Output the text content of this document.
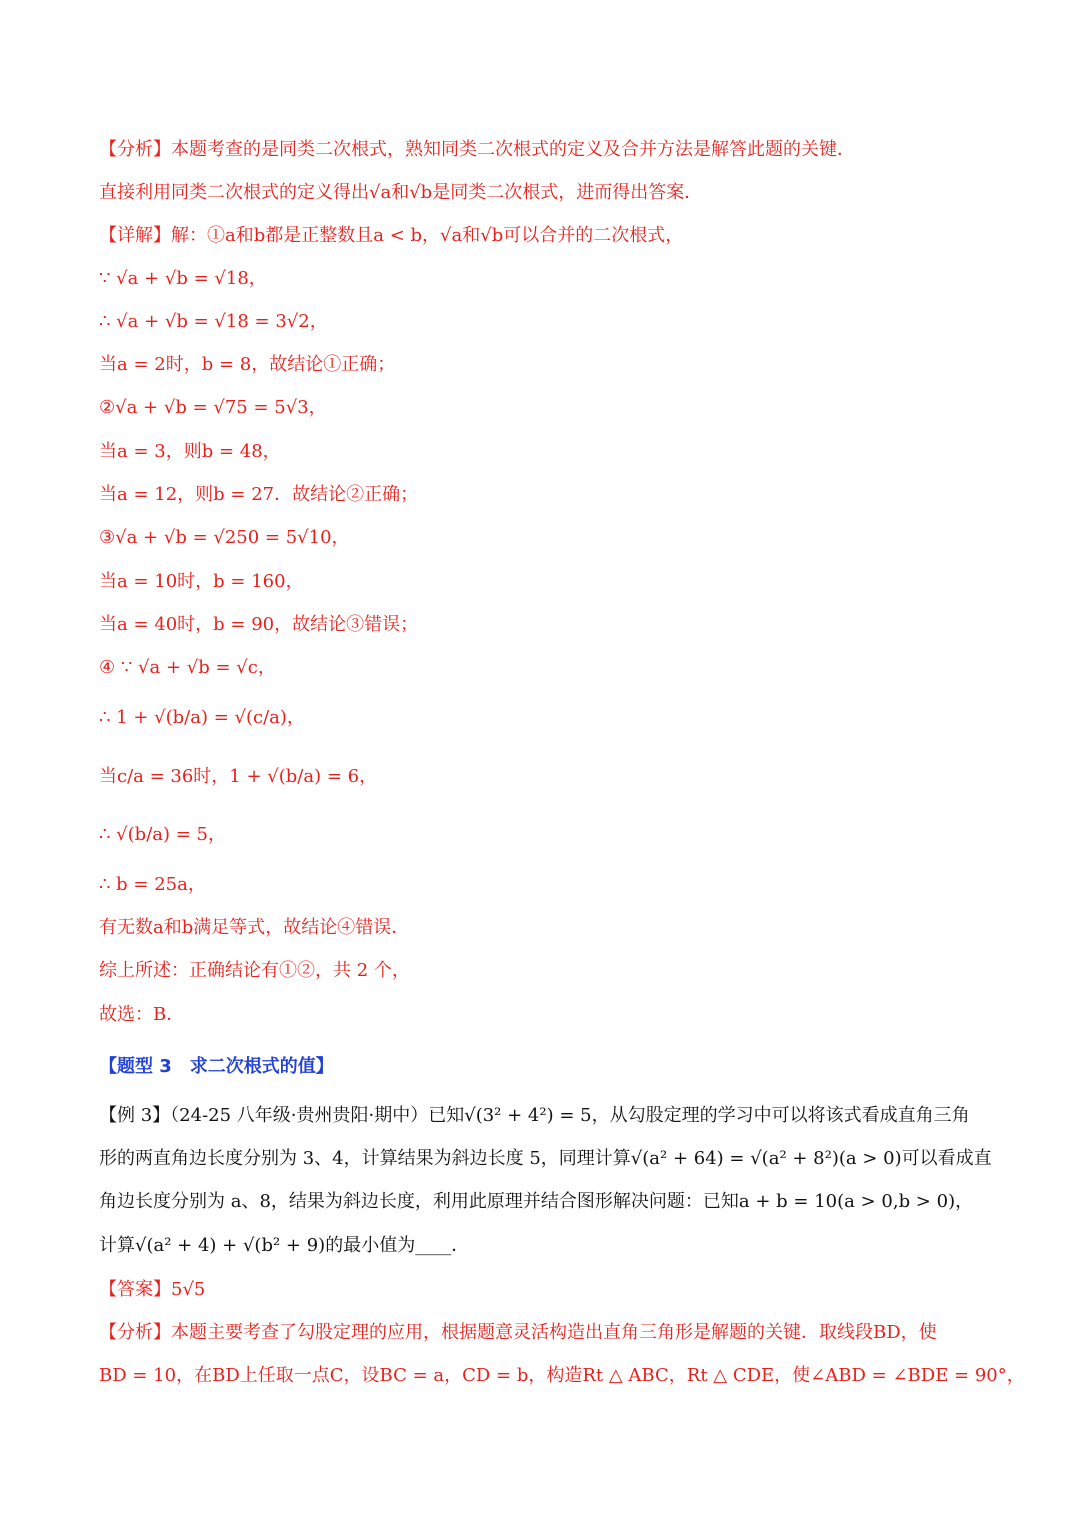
【分析】本题考查的是同类二次根式，熟知同类二次根式的定义及合并方法是解答此题的关键．
直接利用同类二次根式的定义得出√a和√b是同类二次根式，进而得出答案．
【详解】解：①a和b都是正整数且a < b，√a和√b可以合并的二次根式，
∵ √a + √b = √18，
∴ √a + √b = √18 = 3√2，
当a = 2时，b = 8，故结论①正确；
②√a + √b = √75 = 5√3，
当a = 3，则b = 48，
当a = 12，则b = 27．故结论②正确；
③√a + √b = √250 = 5√10，
当a = 10时，b = 160，
当a = 40时，b = 90，故结论③错误；
④ ∵ √a + √b = √c，
∴ 1 + √(b/a) = √(c/a)，
当c/a = 36时，1 + √(b/a) = 6，
∴ √(b/a) = 5，
∴ b = 25a，
有无数a和b满足等式，故结论④错误．
综上所述：正确结论有①②，共 2 个，
故选：B．
【题型 3　求二次根式的值】
【例 3】（24-25 八年级·贵州贵阳·期中）已知√(3² + 4²) = 5，从勾股定理的学习中可以将该式看成直角三角
形的两直角边长度分别为 3、4，计算结果为斜边长度 5，同理计算√(a² + 64) = √(a² + 8²)(a > 0)可以看成直
角边长度分别为 a、8，结果为斜边长度，利用此原理并结合图形解决问题：已知a + b = 10(a > 0,b > 0)，
计算√(a² + 4) + √(b² + 9)的最小值为____．
【答案】5√5
【分析】本题主要考查了勾股定理的应用，根据题意灵活构造出直角三角形是解题的关键．取线段BD，使
BD = 10，在BD上任取一点C，设BC = a，CD = b，构造Rt △ ABC，Rt △ CDE，使∠ABD = ∠BDE = 90°，
